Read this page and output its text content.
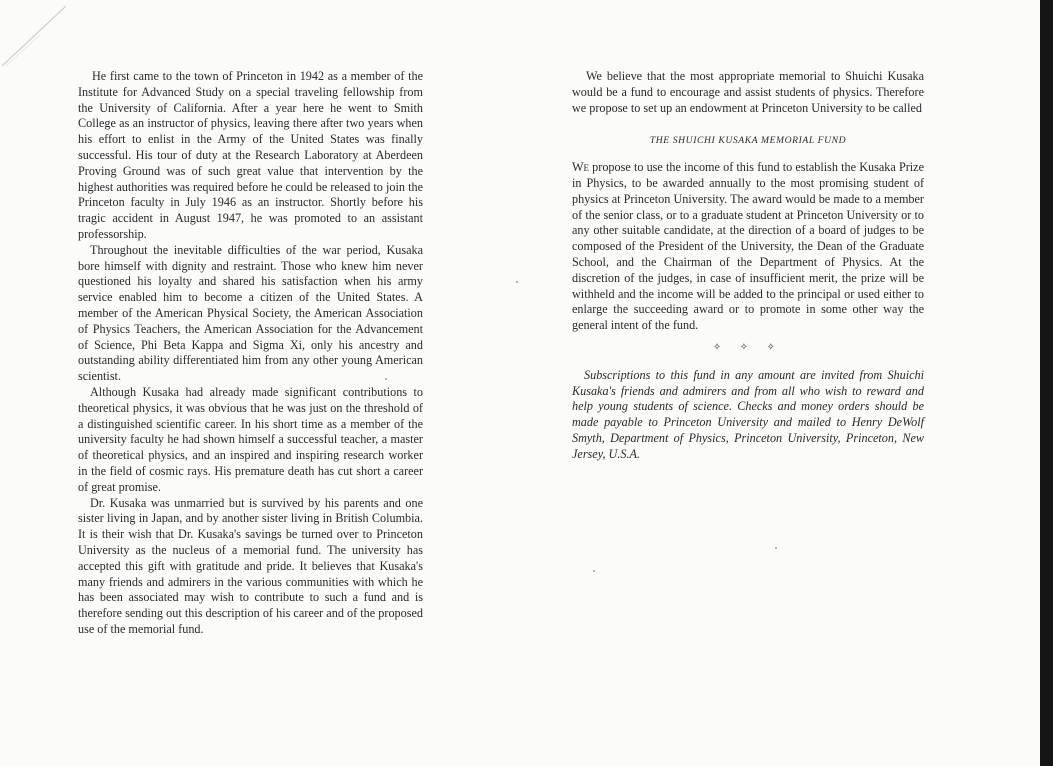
He first came to the town of Princeton in 1942 as a member of the Institute for Advanced Study on a special traveling fellowship from the University of California. After a year here he went to Smith College as an instructor of physics, leaving there after two years when his effort to enlist in the Army of the United States was finally successful. His tour of duty at the Research Laboratory at Aberdeen Proving Ground was of such great value that intervention by the highest authorities was required before he could be released to join the Princeton faculty in July 1946 as an instructor. Shortly before his tragic accident in August 1947, he was promoted to an assistant professorship.

Throughout the inevitable difficulties of the war period, Kusaka bore himself with dignity and restraint. Those who knew him never questioned his loyalty and shared his satisfaction when his army service enabled him to become a citizen of the United States. A member of the American Physical Society, the American Association of Physics Teachers, the American Association for the Advancement of Science, Phi Beta Kappa and Sigma Xi, only his ancestry and outstanding ability differentiated him from any other young American scientist.

Although Kusaka had already made significant contributions to theoretical physics, it was obvious that he was just on the threshold of a distinguished scientific career. In his short time as a member of the university faculty he had shown himself a successful teacher, a master of theoretical physics, and an inspired and inspiring research worker in the field of cosmic rays. His premature death has cut short a career of great promise.

Dr. Kusaka was unmarried but is survived by his parents and one sister living in Japan, and by another sister living in British Columbia. It is their wish that Dr. Kusaka's savings be turned over to Princeton University as the nucleus of a memorial fund. The university has accepted this gift with gratitude and pride. It believes that Kusaka's many friends and admirers in the various communities with which he has been associated may wish to contribute to such a fund and is therefore sending out this description of his career and of the proposed use of the memorial fund.

We believe that the most appropriate memorial to Shuichi Kusaka would be a fund to encourage and assist students of physics. Therefore we propose to set up an endowment at Princeton University to be called

THE SHUICHI KUSAKA MEMORIAL FUND

We propose to use the income of this fund to establish the Kusaka Prize in Physics, to be awarded annually to the most promising student of physics at Princeton University. The award would be made to a member of the senior class, or to a graduate student at Princeton University or to any other suitable candidate, at the direction of a board of judges to be composed of the President of the University, the Dean of the Graduate School, and the Chairman of the Department of Physics. At the discretion of the judges, in case of insufficient merit, the prize will be withheld and the income will be added to the principal or used either to enlarge the succeeding award or to promote in some other way the general intent of the fund.

✧ ✧ ✧

Subscriptions to this fund in any amount are invited from Shuichi Kusaka's friends and admirers and from all who wish to reward and help young students of science. Checks and money orders should be made payable to Princeton University and mailed to Henry DeWolf Smyth, Department of Physics, Princeton University, Princeton, New Jersey, U.S.A.
